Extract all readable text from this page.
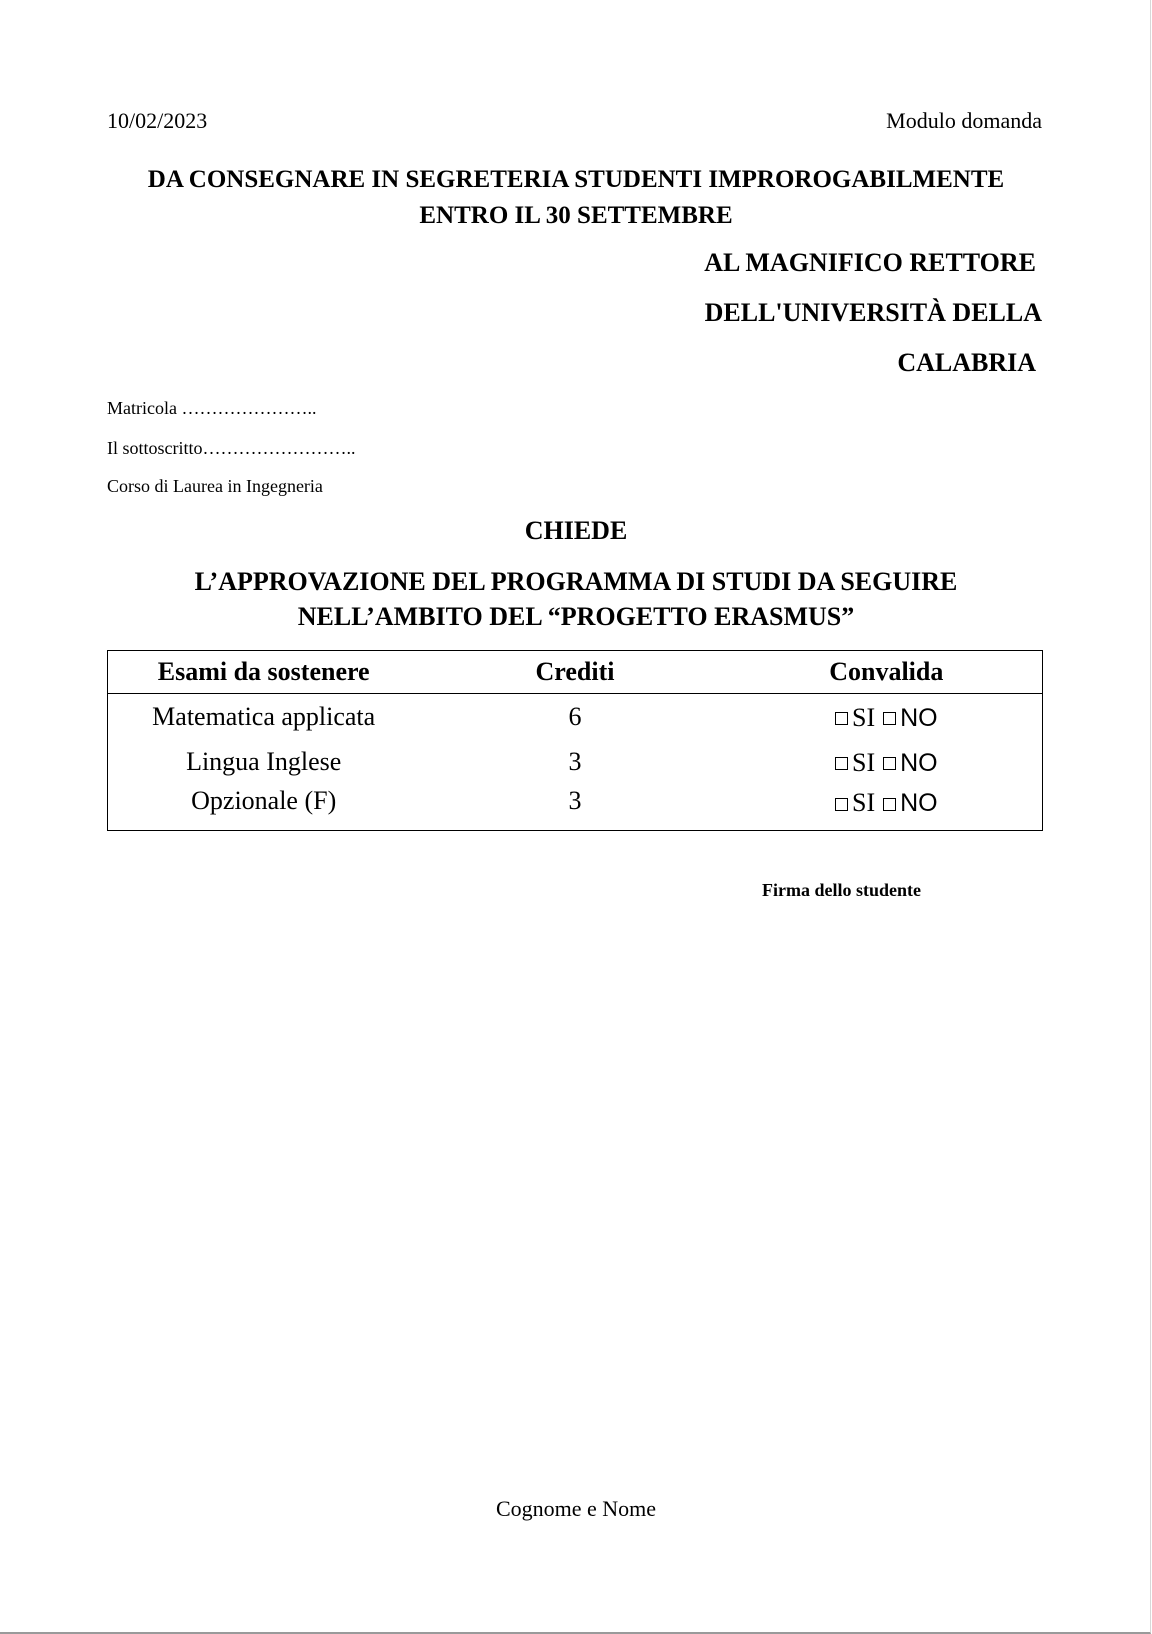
10/02/2023	Modulo domanda
DA CONSEGNARE IN SEGRETERIA STUDENTI IMPROROGABILMENTE ENTRO IL 30 SETTEMBRE
AL MAGNIFICO RETTORE
DELL'UNIVERSITÀ DELLA
CALABRIA
Matricola …………………..
Il sottoscritto……………………..
Corso di Laurea in Ingegneria
CHIEDE
L’APPROVAZIONE DEL PROGRAMMA DI STUDI DA SEGUIRE NELL’AMBITO DEL “PROGETTO ERASMUS”
Esami da sostenere	Crediti	Convalida
Matematica applicata	6	SI NO
Lingua Inglese	3	SI NO
Opzionale (F)	3	SI NO
Firma dello studente
Cognome e Nome
